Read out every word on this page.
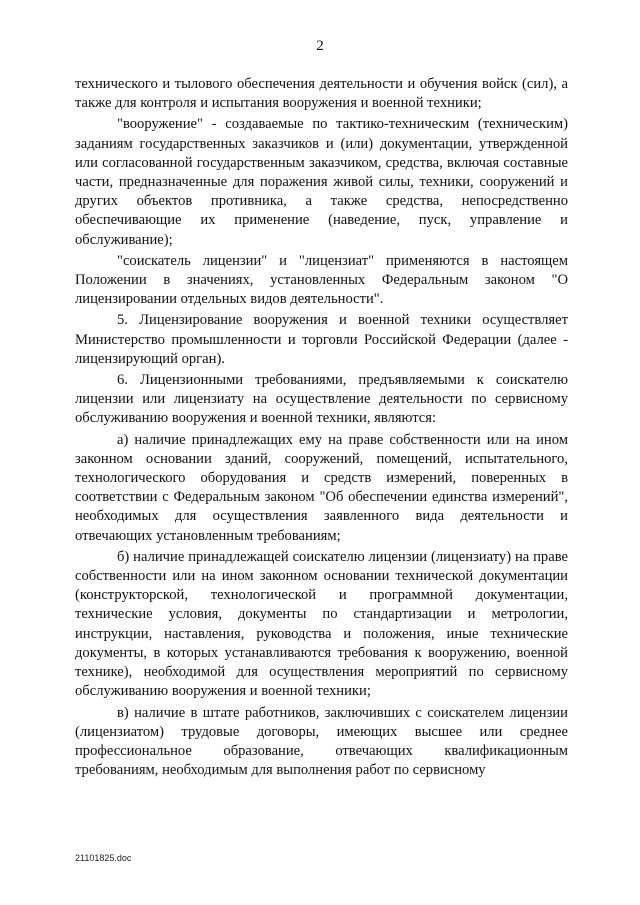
2

технического и тылового обеспечения деятельности и обучения войск (сил), а также для контроля и испытания вооружения и военной техники;

"вооружение" - создаваемые по тактико-техническим (техническим) заданиям государственных заказчиков и (или) документации, утвержденной или согласованной государственным заказчиком, средства, включая составные части, предназначенные для поражения живой силы, техники, сооружений и других объектов противника, а также средства, непосредственно обеспечивающие их применение (наведение, пуск, управление и обслуживание);

"соискатель лицензии" и "лицензиат" применяются в настоящем Положении в значениях, установленных Федеральным законом "О лицензировании отдельных видов деятельности".

5. Лицензирование вооружения и военной техники осуществляет Министерство промышленности и торговли Российской Федерации (далее - лицензирующий орган).

6. Лицензионными требованиями, предъявляемыми к соискателю лицензии или лицензиату на осуществление деятельности по сервисному обслуживанию вооружения и военной техники, являются:

а) наличие принадлежащих ему на праве собственности или на ином законном основании зданий, сооружений, помещений, испытательного, технологического оборудования и средств измерений, поверенных в соответствии с Федеральным законом "Об обеспечении единства измерений", необходимых для осуществления заявленного вида деятельности и отвечающих установленным требованиям;

б) наличие принадлежащей соискателю лицензии (лицензиату) на праве собственности или на ином законном основании технической документации (конструкторской, технологической и программной документации, технические условия, документы по стандартизации и метрологии, инструкции, наставления, руководства и положения, иные технические документы, в которых устанавливаются требования к вооружению, военной технике), необходимой для осуществления мероприятий по сервисному обслуживанию вооружения и военной техники;

в) наличие в штате работников, заключивших с соискателем лицензии (лицензиатом) трудовые договоры, имеющих высшее или среднее профессиональное образование, отвечающих квалификационным требованиям, необходимым для выполнения работ по сервисному

21101825.doc
